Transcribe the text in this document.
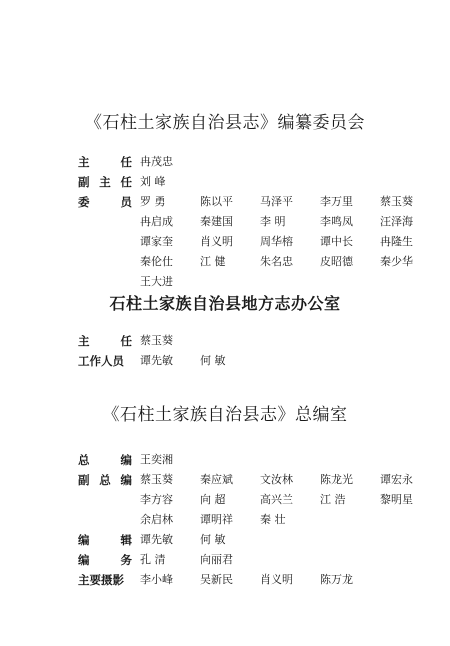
《石柱土家族自治县志》编纂委员会
主	任 冉茂忠
副 主 任 刘 峰
委	员 罗 勇	陈以平 马泽平 李万里 蔡玉葵
冉启成 秦建国 李 明	李鸣凤 汪泽海
谭家奎 肖义明 周华榕 谭中长 冉隆生
秦伦仕 江 健	朱名忠 皮昭德 秦少华
王大进
石柱土家族自治县地方志办公室
主	任 蔡玉葵
工作人员	谭先敏 何 敏
《石柱土家族自治县志》总编室
总	编 王奕湘
副 总 编 蔡玉葵 秦应斌 文汝林 陈龙光 谭宏永
李方容 向 超	高兴兰 江 浩	黎明星
余启林 谭明祥 秦 壮
编	辑 谭先敏 何 敏
编	务 孔 清	向丽君
主要摄影	李小峰 吴新民 肖义明 陈万龙
